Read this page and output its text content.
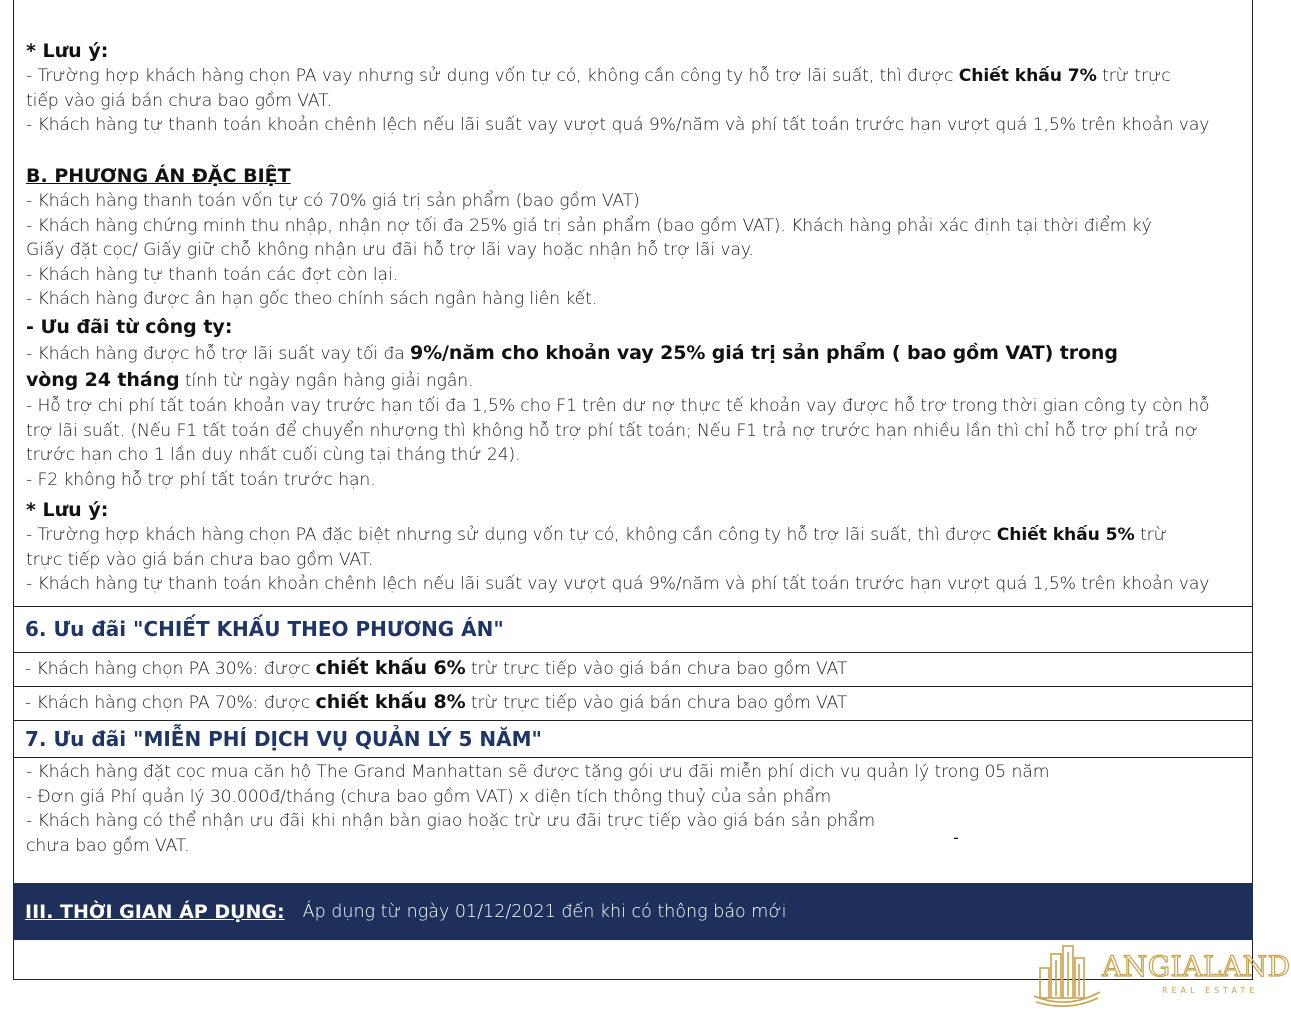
* Lưu ý:
- Trường hợp khách hàng chọn PA vay nhưng sử dụng vốn tự có, không cần công ty hỗ trợ lãi suất, thì được Chiết khấu 7% trừ trực
tiếp vào giá bán chưa bao gồm VAT.
- Khách hàng tự thanh toán khoản chênh lệch nếu lãi suất vay vượt quá 9%/năm và phí tất toán trước hạn vượt quá 1,5% trên khoản vay
B. PHƯƠNG ÁN ĐẶC BIỆT
- Khách hàng thanh toán vốn tự có 70% giá trị sản phẩm (bao gồm VAT)
- Khách hàng chứng minh thu nhập, nhận nợ tối đa 25% giá trị sản phẩm (bao gồm VAT). Khách hàng phải xác định tại thời điểm ký
Giấy đặt cọc/ Giấy giữ chỗ không nhận ưu đãi hỗ trợ lãi vay hoặc nhận hỗ trợ lãi vay.
- Khách hàng tự thanh toán các đợt còn lại.
- Khách hàng được ân hạn gốc theo chính sách ngân hàng liên kết.
- Ưu đãi từ công ty:
- Khách hàng được hỗ trợ lãi suất vay tối đa 9%/năm cho khoản vay 25% giá trị sản phẩm ( bao gồm VAT) trong
vòng 24 tháng tính từ ngày ngân hàng giải ngân.
- Hỗ trợ chi phí tất toán khoản vay trước hạn tối đa 1,5% cho F1 trên dư nợ thực tế khoản vay được hỗ trợ trong thời gian công ty còn hỗ
trợ lãi suất. (Nếu F1 tất toán để chuyển nhượng thì không hỗ trợ phí tất toán; Nếu F1 trả nợ trước hạn nhiều lần thì chỉ hỗ trợ phí trả nợ
trước hạn cho 1 lần duy nhất cuối cùng tại tháng thứ 24).
- F2 không hỗ trợ phí tất toán trước hạn.
* Lưu ý:
- Trường hợp khách hàng chọn PA đặc biệt nhưng sử dụng vốn tự có, không cần công ty hỗ trợ lãi suất, thì được Chiết khấu 5% trừ
trực tiếp vào giá bán chưa bao gồm VAT.
- Khách hàng tự thanh toán khoản chênh lệch nếu lãi suất vay vượt quá 9%/năm và phí tất toán trước hạn vượt quá 1,5% trên khoản vay
6. Ưu đãi "CHIẾT KHẤU THEO PHƯƠNG ÁN"
- Khách hàng chọn PA 30%: được chiết khấu 6% trừ trực tiếp vào giá bán chưa bao gồm VAT
- Khách hàng chọn PA 70%: được chiết khấu 8% trừ trực tiếp vào giá bán chưa bao gồm VAT
7. Ưu đãi "MIỄN PHÍ DỊCH VỤ QUẢN LÝ 5 NĂM"
- Khách hàng đặt cọc mua căn hộ The Grand Manhattan sẽ được tặng gói ưu đãi miễn phí dịch vụ quản lý trong 05 năm
- Đơn giá Phí quản lý 30.000đ/tháng (chưa bao gồm VAT) x diện tích thông thuỷ của sản phẩm
- Khách hàng có thể nhận ưu đãi khi nhận bàn giao hoặc trừ ưu đãi trực tiếp vào giá bán sản phẩm
chưa bao gồm VAT.	-
III. THỜI GIAN ÁP DỤNG: Áp dụng từ ngày 01/12/2021 đến khi có thông báo mới
ANGIALAND
REAL ESTATE
